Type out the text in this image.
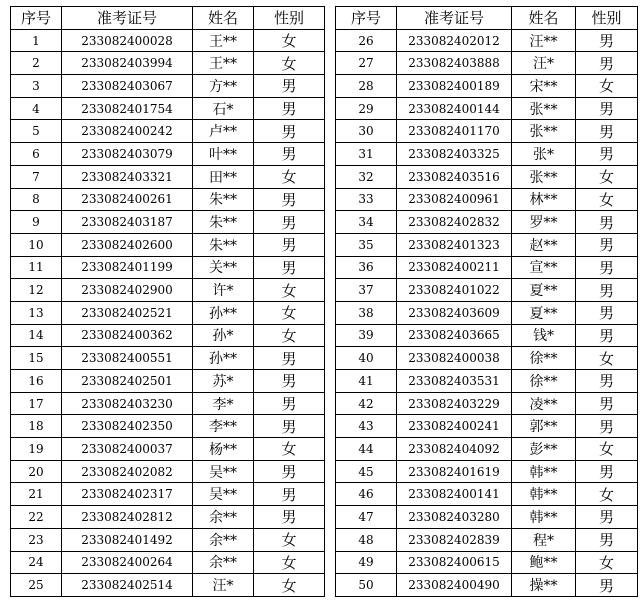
序号	准考证号	姓名	性别
1	233082400028	王**	女
2	233082403994	王**	女
3	233082403067	方**	男
4	233082401754	石*	男
5	233082400242	卢**	男
6	233082403079	叶**	男
7	233082403321	田**	女
8	233082400261	朱**	男
9	233082403187	朱**	男
10	233082402600	朱**	男
11	233082401199	关**	男
12	233082402900	许*	女
13	233082402521	孙**	女
14	233082400362	孙*	女
15	233082400551	孙**	男
16	233082402501	苏*	男
17	233082403230	李*	男
18	233082402350	李**	男
19	233082400037	杨**	女
20	233082402082	吴**	男
21	233082402317	吴**	男
22	233082402812	余**	男
23	233082401492	余**	女
24	233082400264	余**	女
25	233082402514	汪*	女
序号	准考证号	姓名	性别
26	233082402012	汪**	男
27	233082403888	汪*	男
28	233082400189	宋**	女
29	233082400144	张**	男
30	233082401170	张**	男
31	233082403325	张*	男
32	233082403516	张**	女
33	233082400961	林**	女
34	233082402832	罗**	男
35	233082401323	赵**	男
36	233082400211	宣**	男
37	233082401022	夏**	男
38	233082403609	夏**	男
39	233082403665	钱*	男
40	233082400038	徐**	女
41	233082403531	徐**	男
42	233082403229	凌**	男
43	233082400241	郭**	男
44	233082404092	彭**	女
45	233082401619	韩**	男
46	233082400141	韩**	女
47	233082403280	韩**	男
48	233082402839	程*	男
49	233082400615	鲍**	女
50	233082400490	操**	男
